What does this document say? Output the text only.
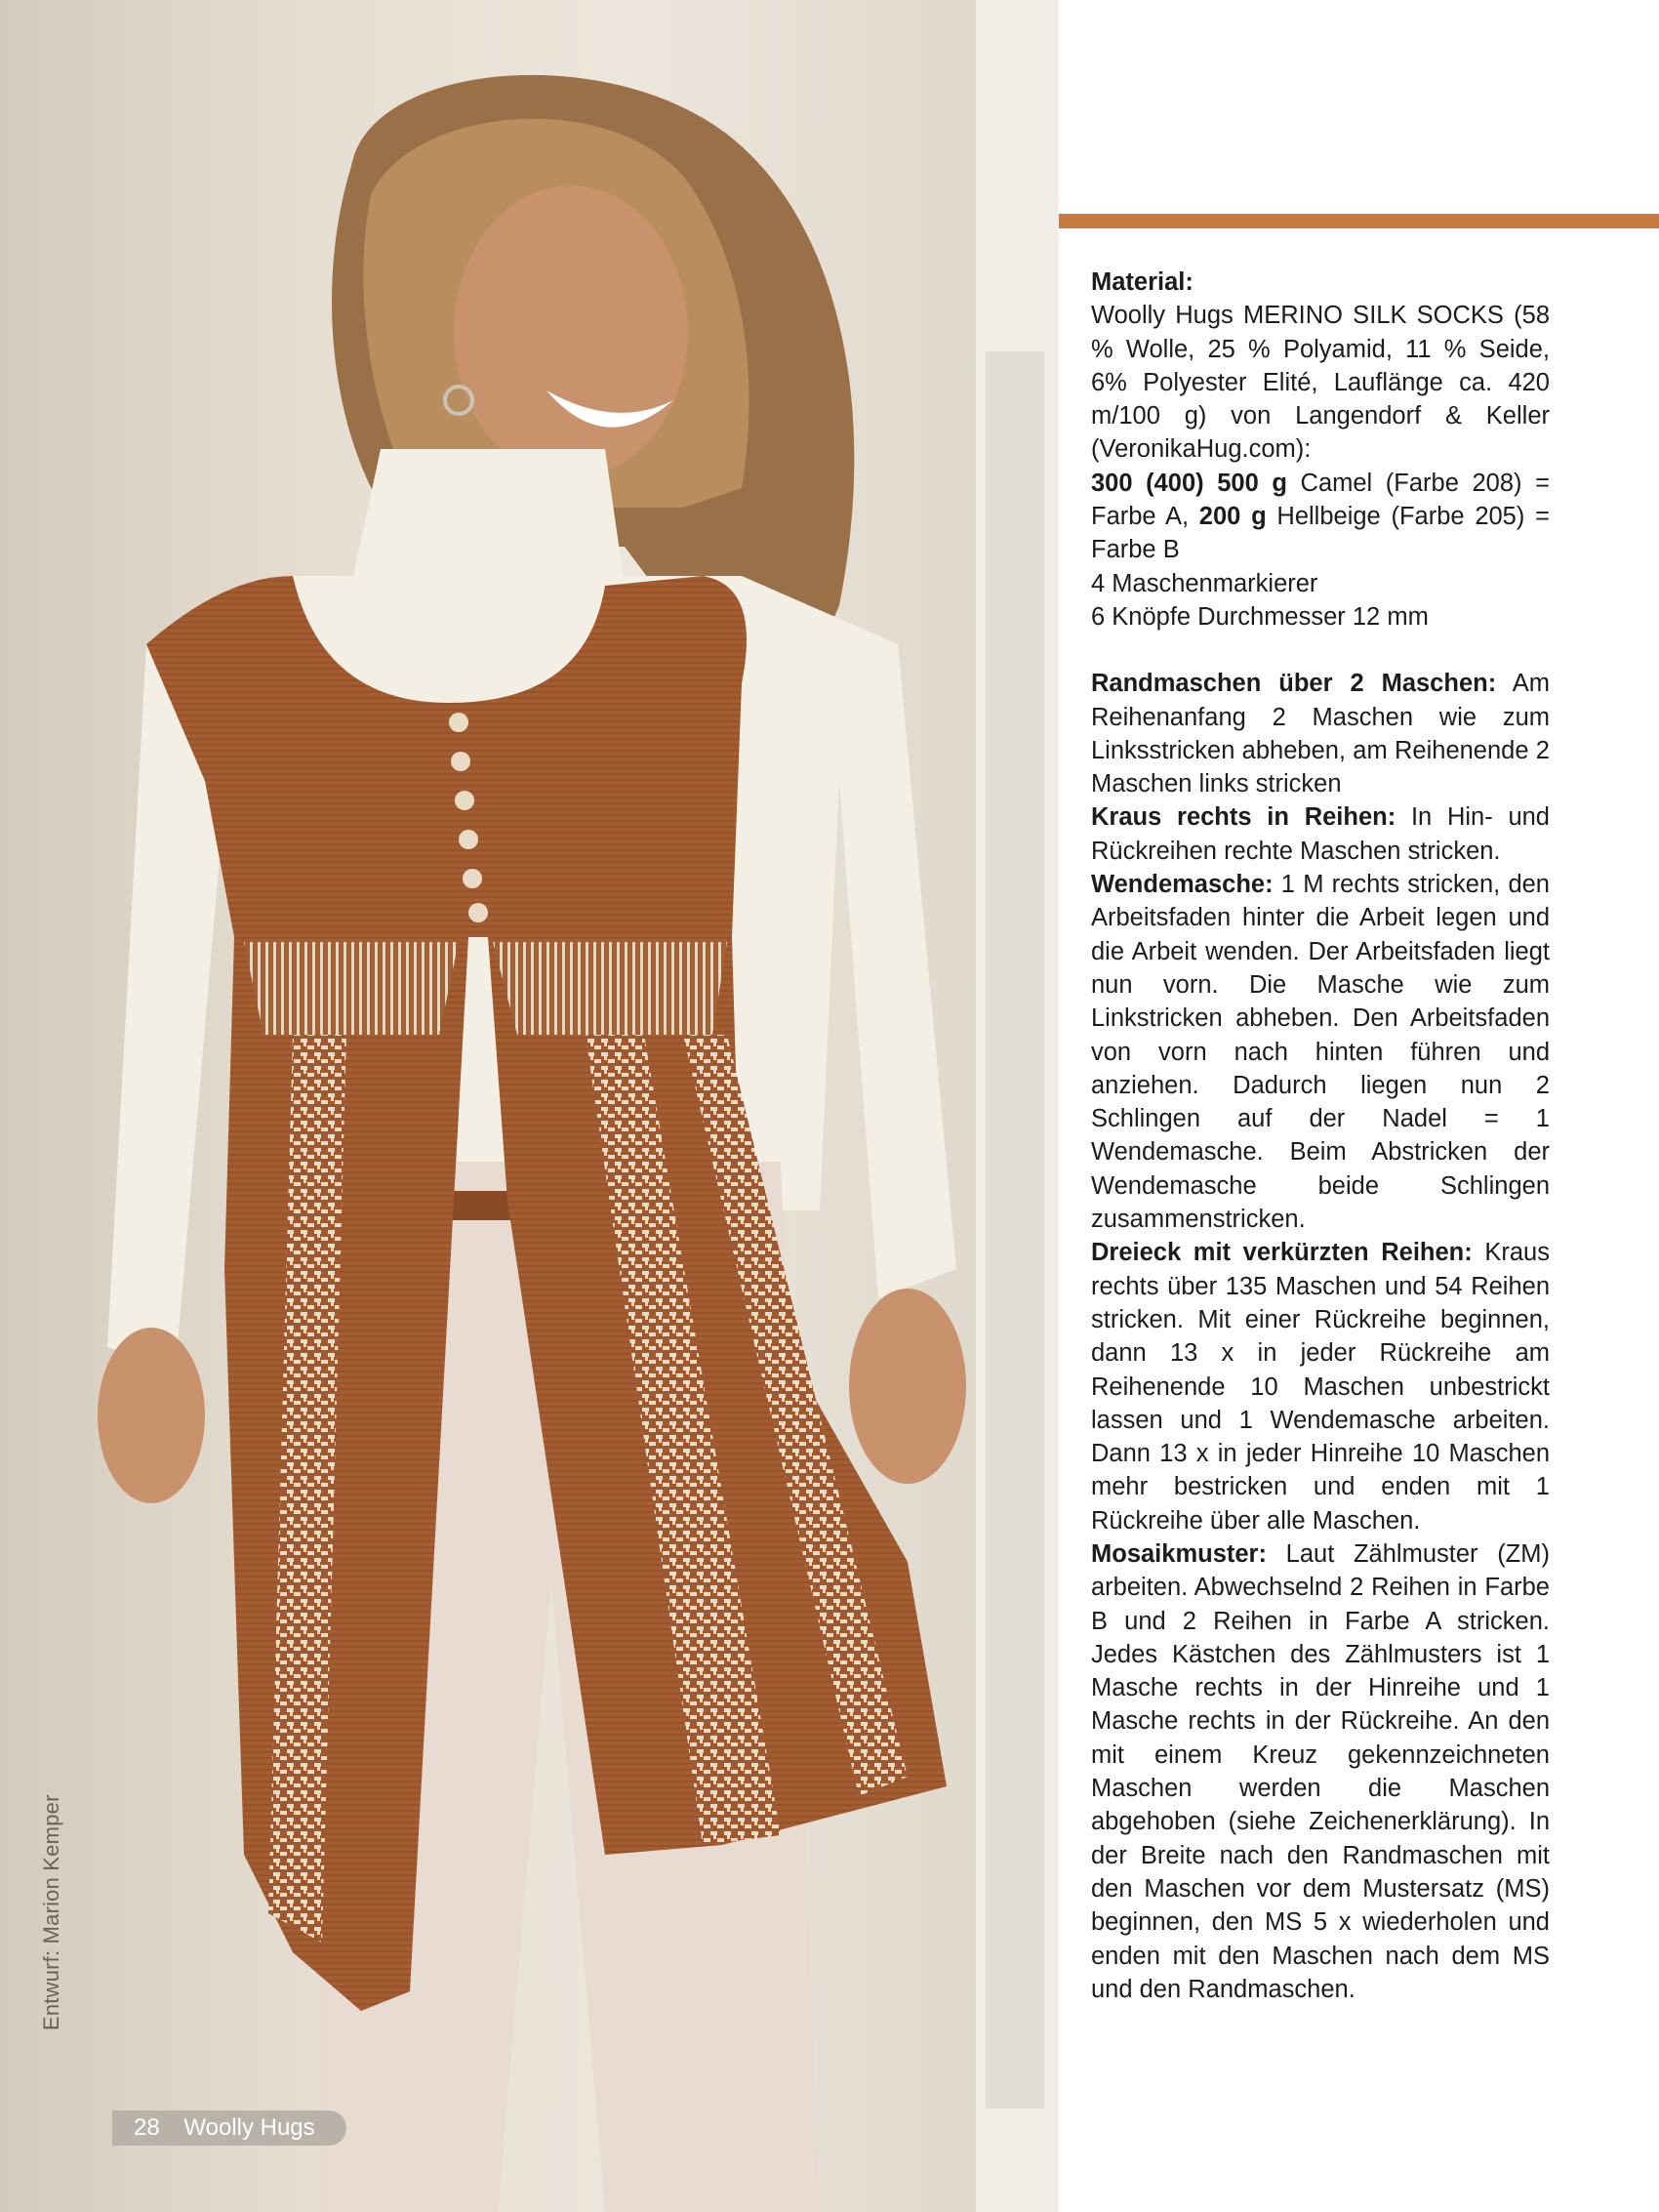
Entwurf: Marion Kemper
28 Woolly Hugs

Material:
Woolly Hugs MERINO SILK SOCKS (58 % Wolle, 25 % Polyamid, 11 % Seide, 6% Polyester Elité, Lauflänge ca. 420 m/100 g) von Langendorf & Keller (VeronikaHug.com):
300 (400) 500 g Camel (Farbe 208) = Farbe A, 200 g Hellbeige (Farbe 205) = Farbe B
4 Maschenmarkierer
6 Knöpfe Durchmesser 12 mm

Randmaschen über 2 Maschen: Am Reihenanfang 2 Maschen wie zum Linksstricken abheben, am Reihenende 2 Maschen links stricken

Kraus rechts in Reihen: In Hin- und Rückreihen rechte Maschen stricken.

Wendemasche: 1 M rechts stricken, den Arbeitsfaden hinter die Arbeit legen und die Arbeit wenden. Der Arbeitsfaden liegt nun vorn. Die Masche wie zum Linkstricken abheben. Den Arbeitsfaden von vorn nach hinten führen und anziehen. Dadurch liegen nun 2 Schlingen auf der Nadel = 1 Wendemasche. Beim Abstricken der Wendemasche beide Schlingen zusammenstricken.

Dreieck mit verkürzten Reihen: Kraus rechts über 135 Maschen und 54 Reihen stricken. Mit einer Rückreihe beginnen, dann 13 x in jeder Rückreihe am Reihenende 10 Maschen unbestrickt lassen und 1 Wendemasche arbeiten. Dann 13 x in jeder Hinreihe 10 Maschen mehr bestricken und enden mit 1 Rückreihe über alle Maschen.

Mosaikmuster: Laut Zählmuster (ZM) arbeiten. Abwechselnd 2 Reihen in Farbe B und 2 Reihen in Farbe A stricken. Jedes Kästchen des Zählmusters ist 1 Masche rechts in der Hinreihe und 1 Masche rechts in der Rückreihe. An den mit einem Kreuz gekennzeichneten Maschen werden die Maschen abgehoben (siehe Zeichenerklärung). In der Breite nach den Randmaschen mit den Maschen vor dem Mustersatz (MS) beginnen, den MS 5 x wiederholen und enden mit den Maschen nach dem MS und den Randmaschen.
